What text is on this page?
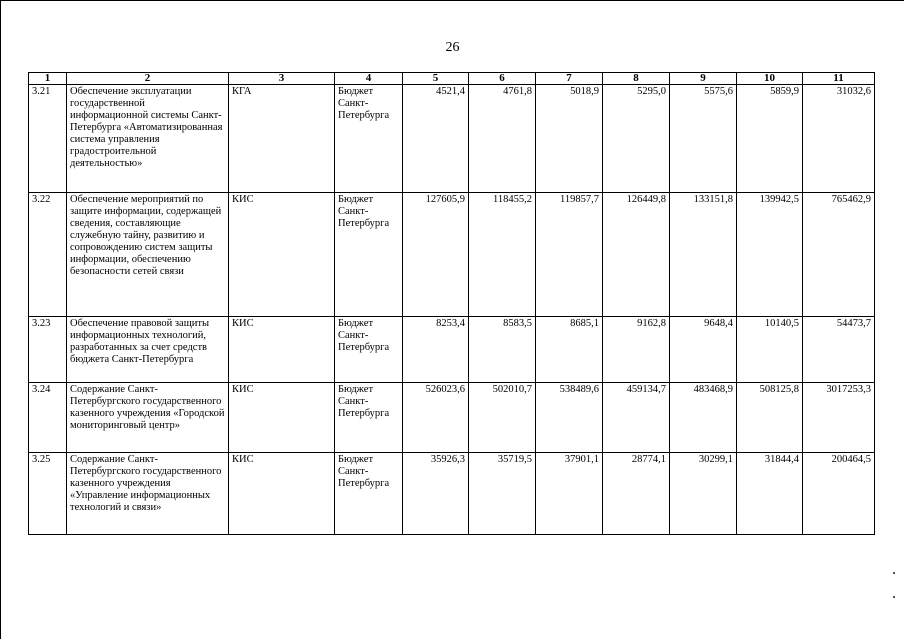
26
1	2	3	4	5	6	7	8	9	10	11
3.21	Обеспечение эксплуатации государственной информационной системы Санкт-Петербурга «Автоматизированная система управления градостроительной деятельностью»	КГА	Бюджет Санкт-Петербурга	4521,4	4761,8	5018,9	5295,0	5575,6	5859,9	31032,6
3.22	Обеспечение мероприятий по защите информации, содержащей сведения, составляющие служебную тайну, развитию и сопровождению систем защиты информации, обеспечению безопасности сетей связи	КИС	Бюджет Санкт-Петербурга	127605,9	118455,2	119857,7	126449,8	133151,8	139942,5	765462,9
3.23	Обеспечение правовой защиты информационных технологий, разработанных за счет средств бюджета Санкт-Петербурга	КИС	Бюджет Санкт-Петербурга	8253,4	8583,5	8685,1	9162,8	9648,4	10140,5	54473,7
3.24	Содержание Санкт-Петербургского государственного казенного учреждения «Городской мониторинговый центр»	КИС	Бюджет Санкт-Петербурга	526023,6	502010,7	538489,6	459134,7	483468,9	508125,8	3017253,3
3.25	Содержание Санкт-Петербургского государственного казенного учреждения «Управление информационных технологий и связи»	КИС	Бюджет Санкт-Петербурга	35926,3	35719,5	37901,1	28774,1	30299,1	31844,4	200464,5
